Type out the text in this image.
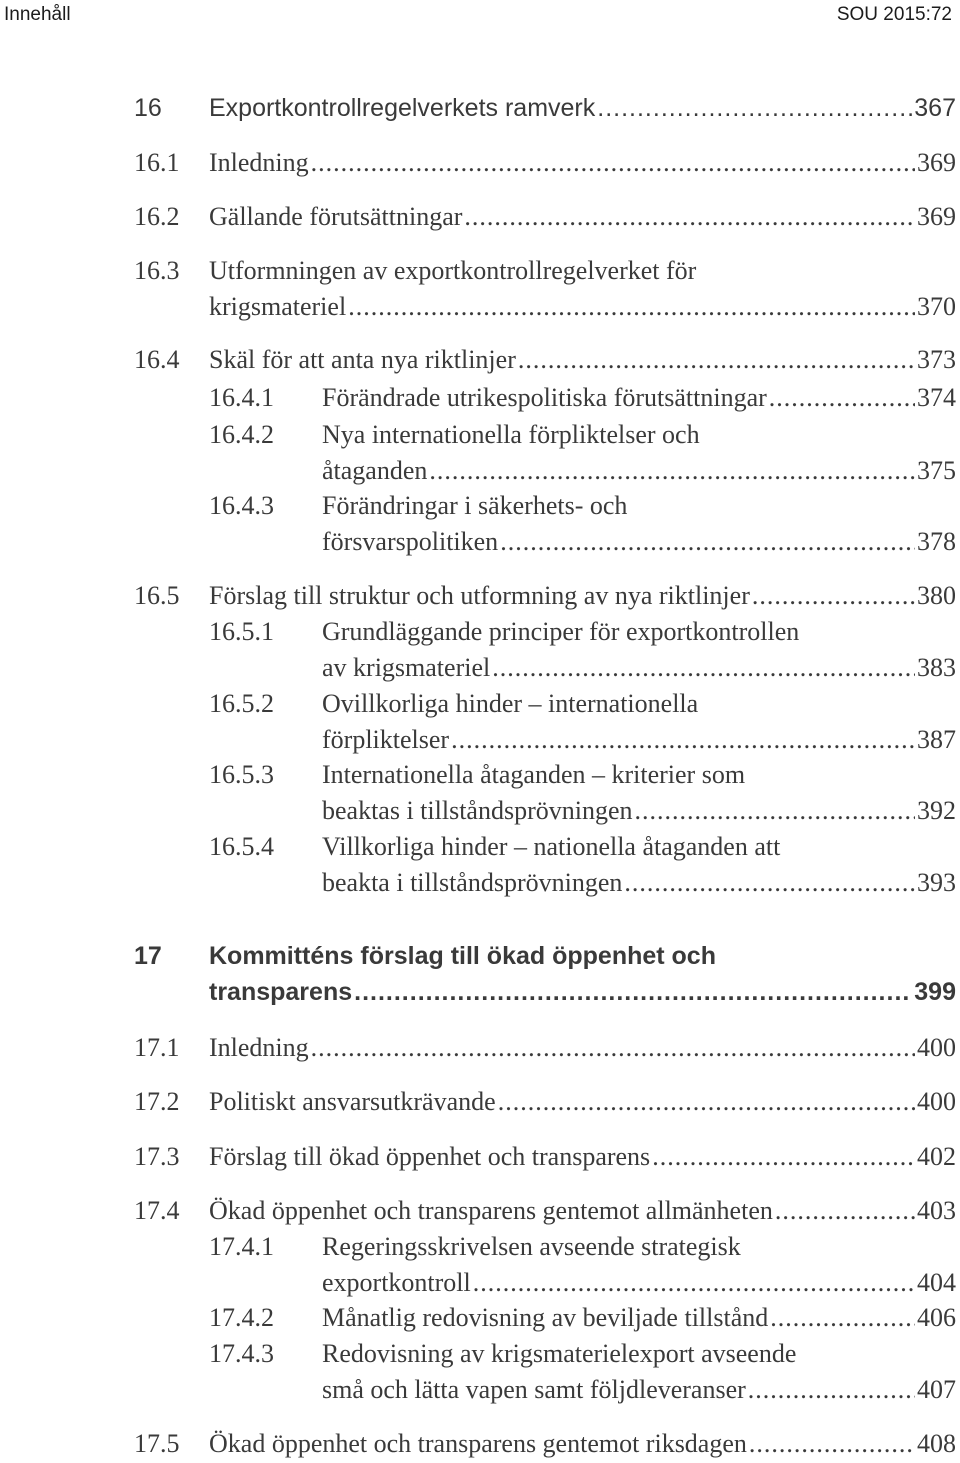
Innehåll	SOU 2015:72
16 Exportkontrollregelverkets ramverk .....	367
16.1 Inledning .....	369
16.2 Gällande förutsättningar .....	369
16.3 Utformningen av exportkontrollregelverket för
krigsmateriel .....	370
16.4 Skäl för att anta nya riktlinjer .....	373
16.4.1 Förändrade utrikespolitiska förutsättningar .....	374
16.4.2 Nya internationella förpliktelser och
åtaganden .....	375
16.4.3 Förändringar i säkerhets- och
försvarspolitiken .....	378
16.5 Förslag till struktur och utformning av nya riktlinjer .....	380
16.5.1 Grundläggande principer för exportkontrollen
av krigsmateriel .....	383
16.5.2 Ovillkorliga hinder – internationella
förpliktelser .....	387
16.5.3 Internationella åtaganden – kriterier som
beaktas i tillståndsprövningen .....	392
16.5.4 Villkorliga hinder – nationella åtaganden att
beakta i tillståndsprövningen .....	393
17 Kommitténs förslag till ökad öppenhet och
transparens .....	399
17.1 Inledning .....	400
17.2 Politiskt ansvarsutkrävande .....	400
17.3 Förslag till ökad öppenhet och transparens .....	402
17.4 Ökad öppenhet och transparens gentemot allmänheten .....	403
17.4.1 Regeringsskrivelsen avseende strategisk
exportkontroll .....	404
17.4.2 Månatlig redovisning av beviljade tillstånd .....	406
17.4.3 Redovisning av krigsmaterielexport avseende
små och lätta vapen samt följdleveranser .....	407
17.5 Ökad öppenhet och transparens gentemot riksdagen .....	408
